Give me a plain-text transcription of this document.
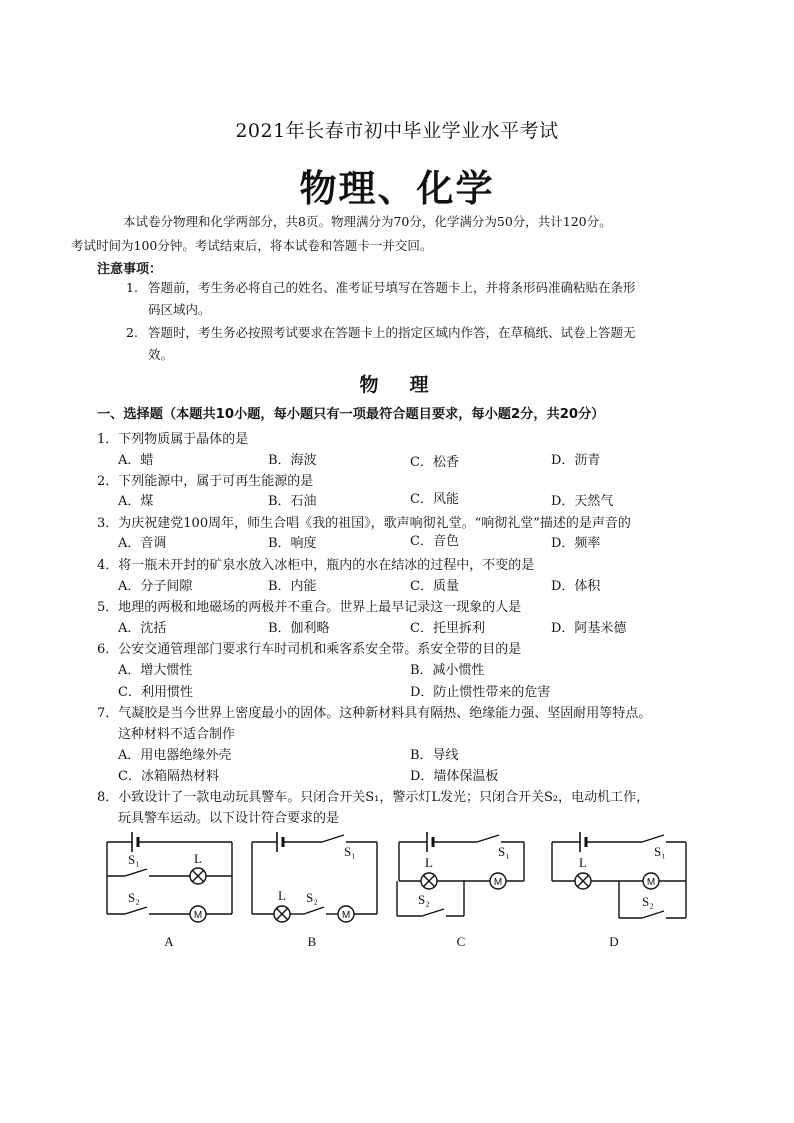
2021年长春市初中毕业学业水平考试
物理、化学
本试卷分物理和化学两部分，共8页。物理满分为70分，化学满分为50分，共计120分。
考试时间为100分钟。考试结束后，将本试卷和答题卡一并交回。
注意事项：
1. 答题前，考生务必将自己的姓名、准考证号填写在答题卡上，并将条形码准确粘贴在条形
码区域内。
2. 答题时，考生务必按照考试要求在答题卡上的指定区域内作答，在草稿纸、试卷上答题无
效。
物　理
一、选择题（本题共10小题，每小题只有一项最符合题目要求，每小题2分，共20分）
1．下列物质属于晶体的是
A．蜡	B．海波	C．松香	D．沥青
2．下列能源中，属于可再生能源的是
A．煤	B．石油	C．风能	D．天然气
3．为庆祝建党100周年，师生合唱《我的祖国》，歌声响彻礼堂。“响彻礼堂”描述的是声音的
A．音调	B．响度	C．音色	D．频率
4．将一瓶未开封的矿泉水放入冰柜中，瓶内的水在结冰的过程中，不变的是
A．分子间隙	B．内能	C．质量	D．体积
5．地理的两极和地磁场的两极并不重合。世界上最早记录这一现象的人是
A．沈括	B．伽利略	C．托里拆利	D．阿基米德
6．公安交通管理部门要求行车时司机和乘客系安全带。系安全带的目的是
A．增大惯性	B．减小惯性
C．利用惯性	D．防止惯性带来的危害
7．气凝胶是当今世界上密度最小的固体。这种新材料具有隔热、绝缘能力强、坚固耐用等特点。
这种材料不适合制作
A．用电器绝缘外壳	B．导线
C．冰箱隔热材料	D．墙体保温板
8．小致设计了一款电动玩具警车。只闭合开关S₁，警示灯L发光；只闭合开关S₂，电动机工作，
玩具警车运动。以下设计符合要求的是
S₁	L
S₂
M
A
S₁
L S₂
M
B
S₁
L
S₂
M
C
S₁
L
S₂
M
D
